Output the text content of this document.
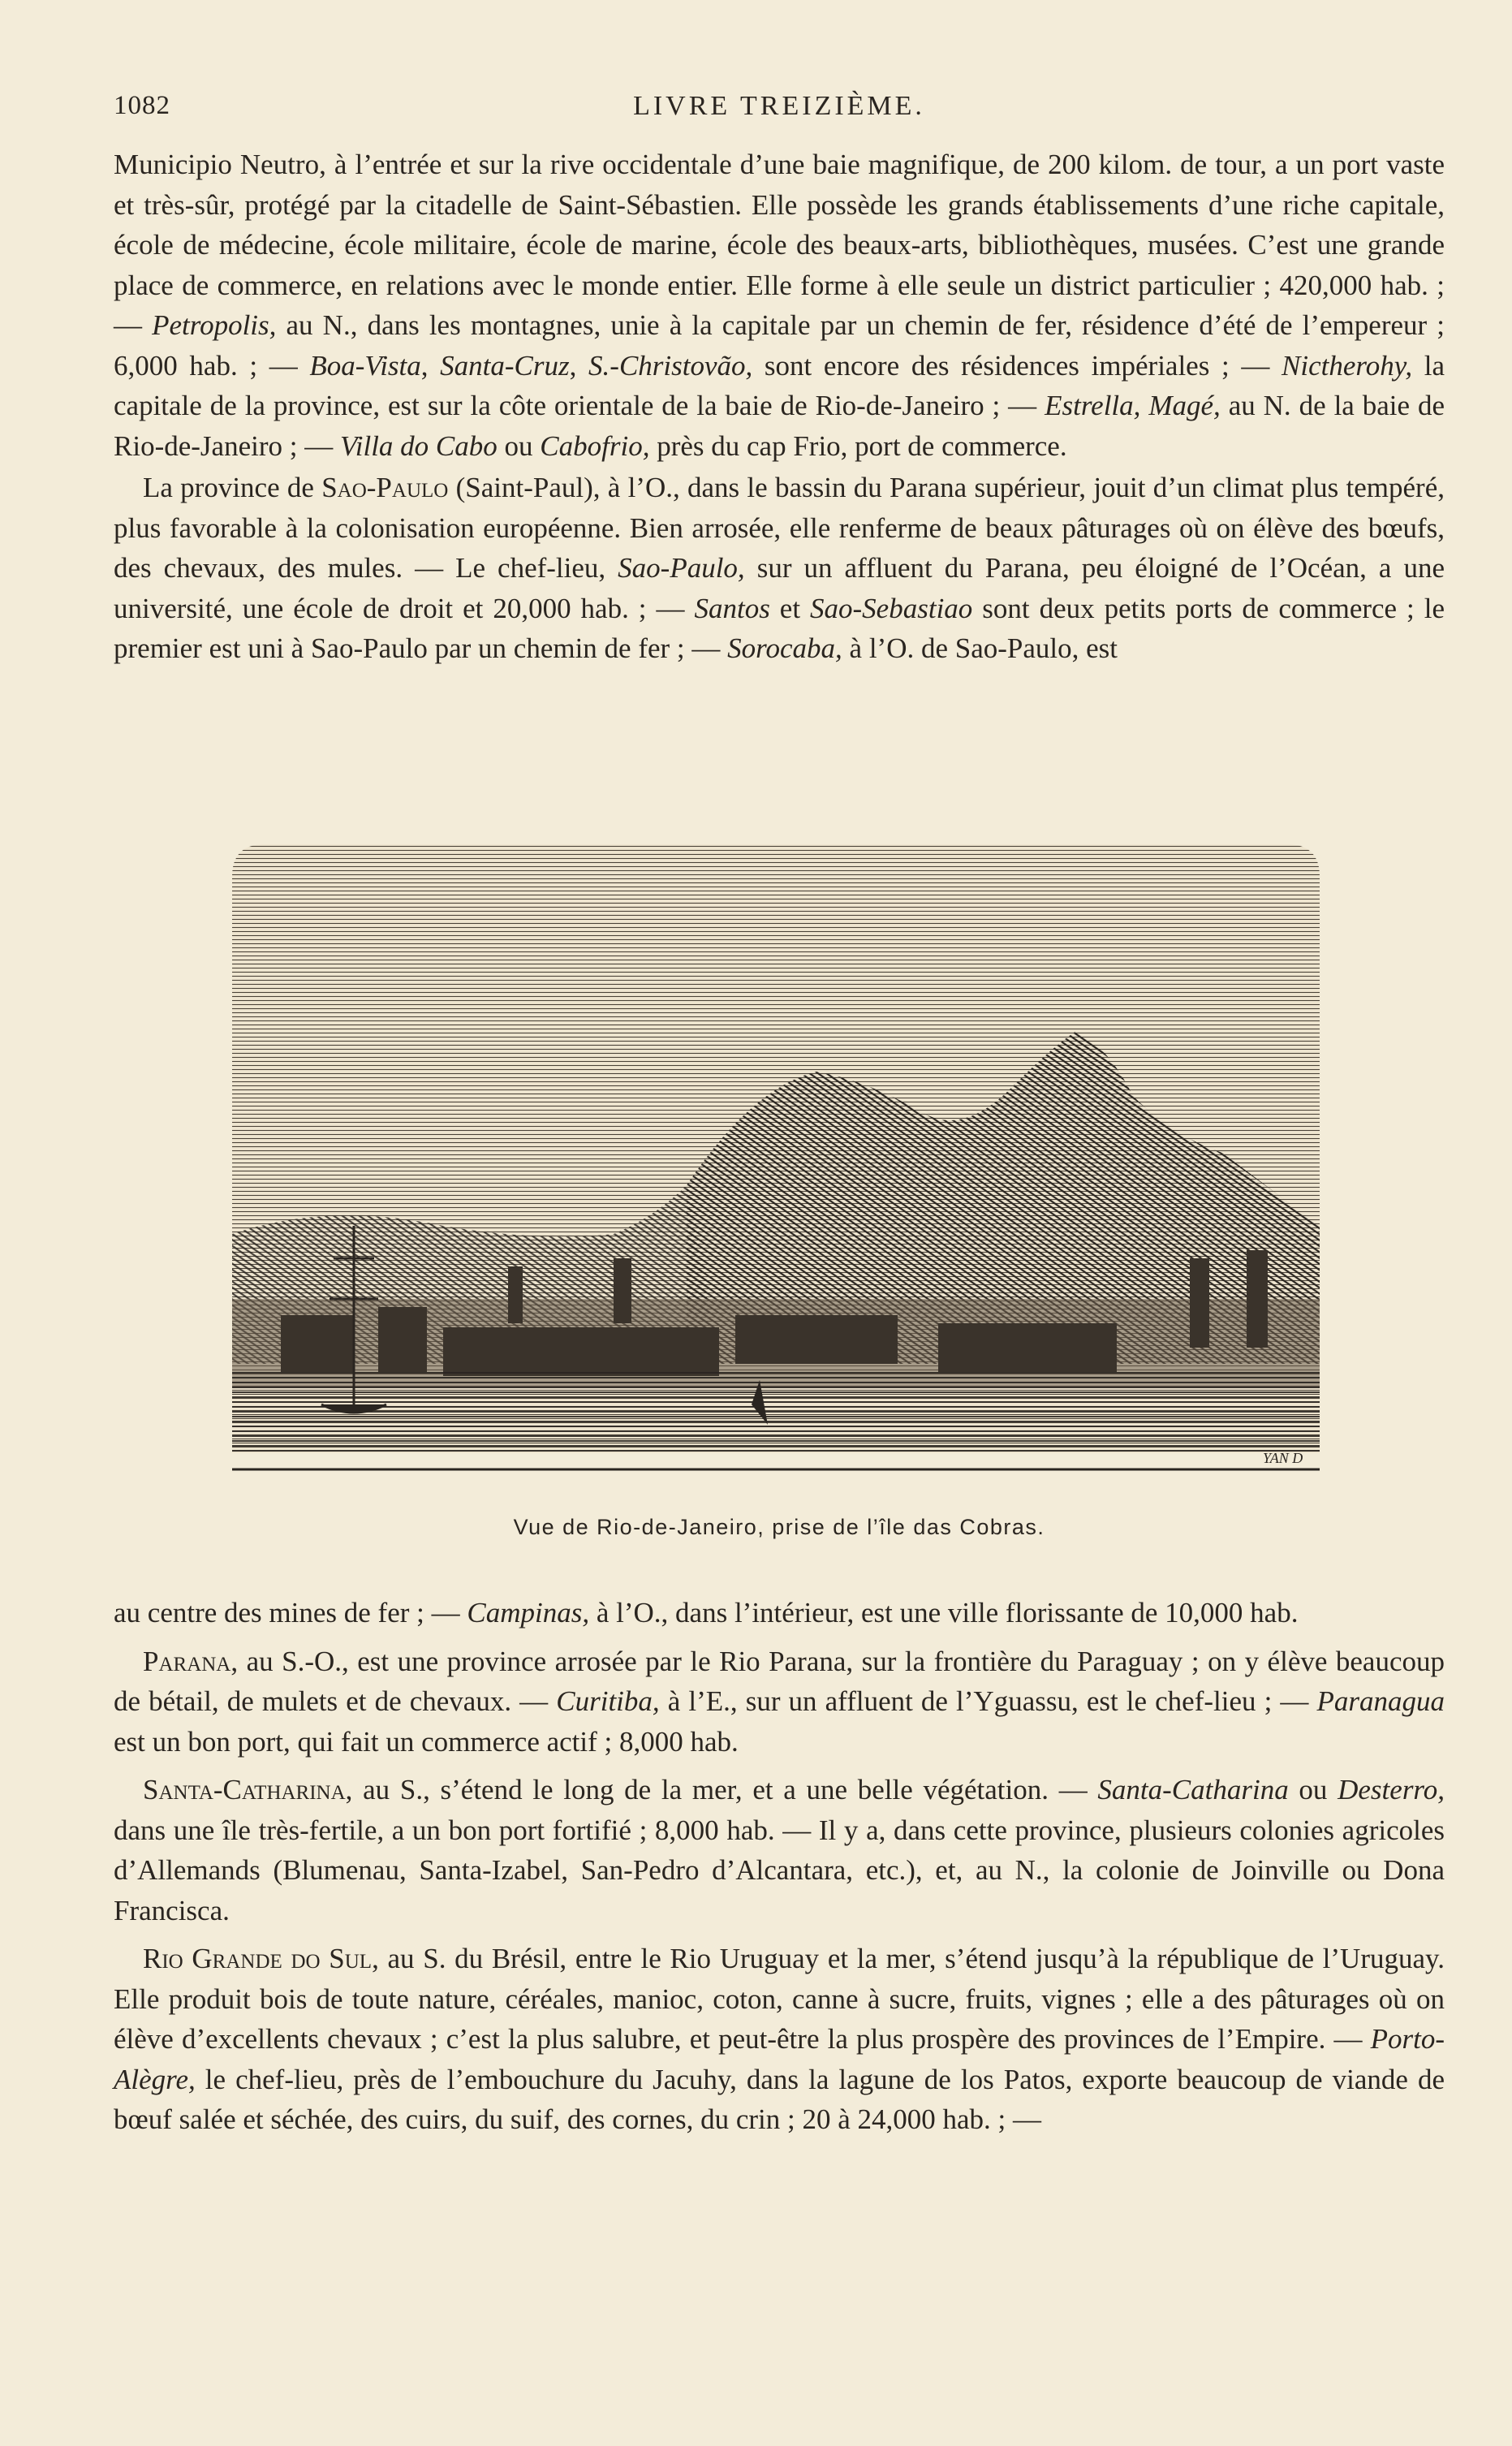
1082	LIVRE TREIZIÈME.

Municipio Neutro, à l’entrée et sur la rive occidentale d’une baie magnifique, de 200 kilom. de tour, a un port vaste et très-sûr, protégé par la citadelle de Saint-Sébastien. Elle possède les grands établissements d’une riche capitale, école de médecine, école militaire, école de marine, école des beaux-arts, bibliothèques, musées. C’est une grande place de commerce, en relations avec le monde entier. Elle forme à elle seule un district particulier ; 420,000 hab. ; — Petropolis, au N., dans les montagnes, unie à la capitale par un chemin de fer, résidence d’été de l’empereur ; 6,000 hab. ; — Boa-Vista, Santa-Cruz, S.-Christovão, sont encore des résidences impériales ; — Nictherohy, la capitale de la province, est sur la côte orientale de la baie de Rio-de-Janeiro ; — Estrella, Magé, au N. de la baie de Rio-de-Janeiro ; — Villa do Cabo ou Cabofrio, près du cap Frio, port de commerce.

La province de Sao-Paulo (Saint-Paul), à l’O., dans le bassin du Parana supérieur, jouit d’un climat plus tempéré, plus favorable à la colonisation européenne. Bien arrosée, elle renferme de beaux pâturages où on élève des bœufs, des chevaux, des mules. — Le chef-lieu, Sao-Paulo, sur un affluent du Parana, peu éloigné de l’Océan, a une université, une école de droit et 20,000 hab. ; — Santos et Sao-Sebastiao sont deux petits ports de commerce ; le premier est uni à Sao-Paulo par un chemin de fer ; — Sorocaba, à l’O. de Sao-Paulo, est

YAN D
Vue de Rio-de-Janeiro, prise de l’île das Cobras.

au centre des mines de fer ; — Campinas, à l’O., dans l’intérieur, est une ville florissante de 10,000 hab.

Parana, au S.-O., est une province arrosée par le Rio Parana, sur la frontière du Paraguay ; on y élève beaucoup de bétail, de mulets et de chevaux. — Curitiba, à l’E., sur un affluent de l’Yguassu, est le chef-lieu ; — Paranagua est un bon port, qui fait un commerce actif ; 8,000 hab.

Santa-Catharina, au S., s’étend le long de la mer, et a une belle végétation. — Santa-Catharina ou Desterro, dans une île très-fertile, a un bon port fortifié ; 8,000 hab. — Il y a, dans cette province, plusieurs colonies agricoles d’Allemands (Blumenau, Santa-Izabel, San-Pedro d’Alcantara, etc.), et, au N., la colonie de Joinville ou Dona Francisca.

Rio Grande do Sul, au S. du Brésil, entre le Rio Uruguay et la mer, s’étend jusqu’à la république de l’Uruguay. Elle produit bois de toute nature, céréales, manioc, coton, canne à sucre, fruits, vignes ; elle a des pâturages où on élève d’excellents chevaux ; c’est la plus salubre, et peut-être la plus prospère des provinces de l’Empire. — Porto-Alègre, le chef-lieu, près de l’embouchure du Jacuhy, dans la lagune de los Patos, exporte beaucoup de viande de bœuf salée et séchée, des cuirs, du suif, des cornes, du crin ; 20 à 24,000 hab. ; —
